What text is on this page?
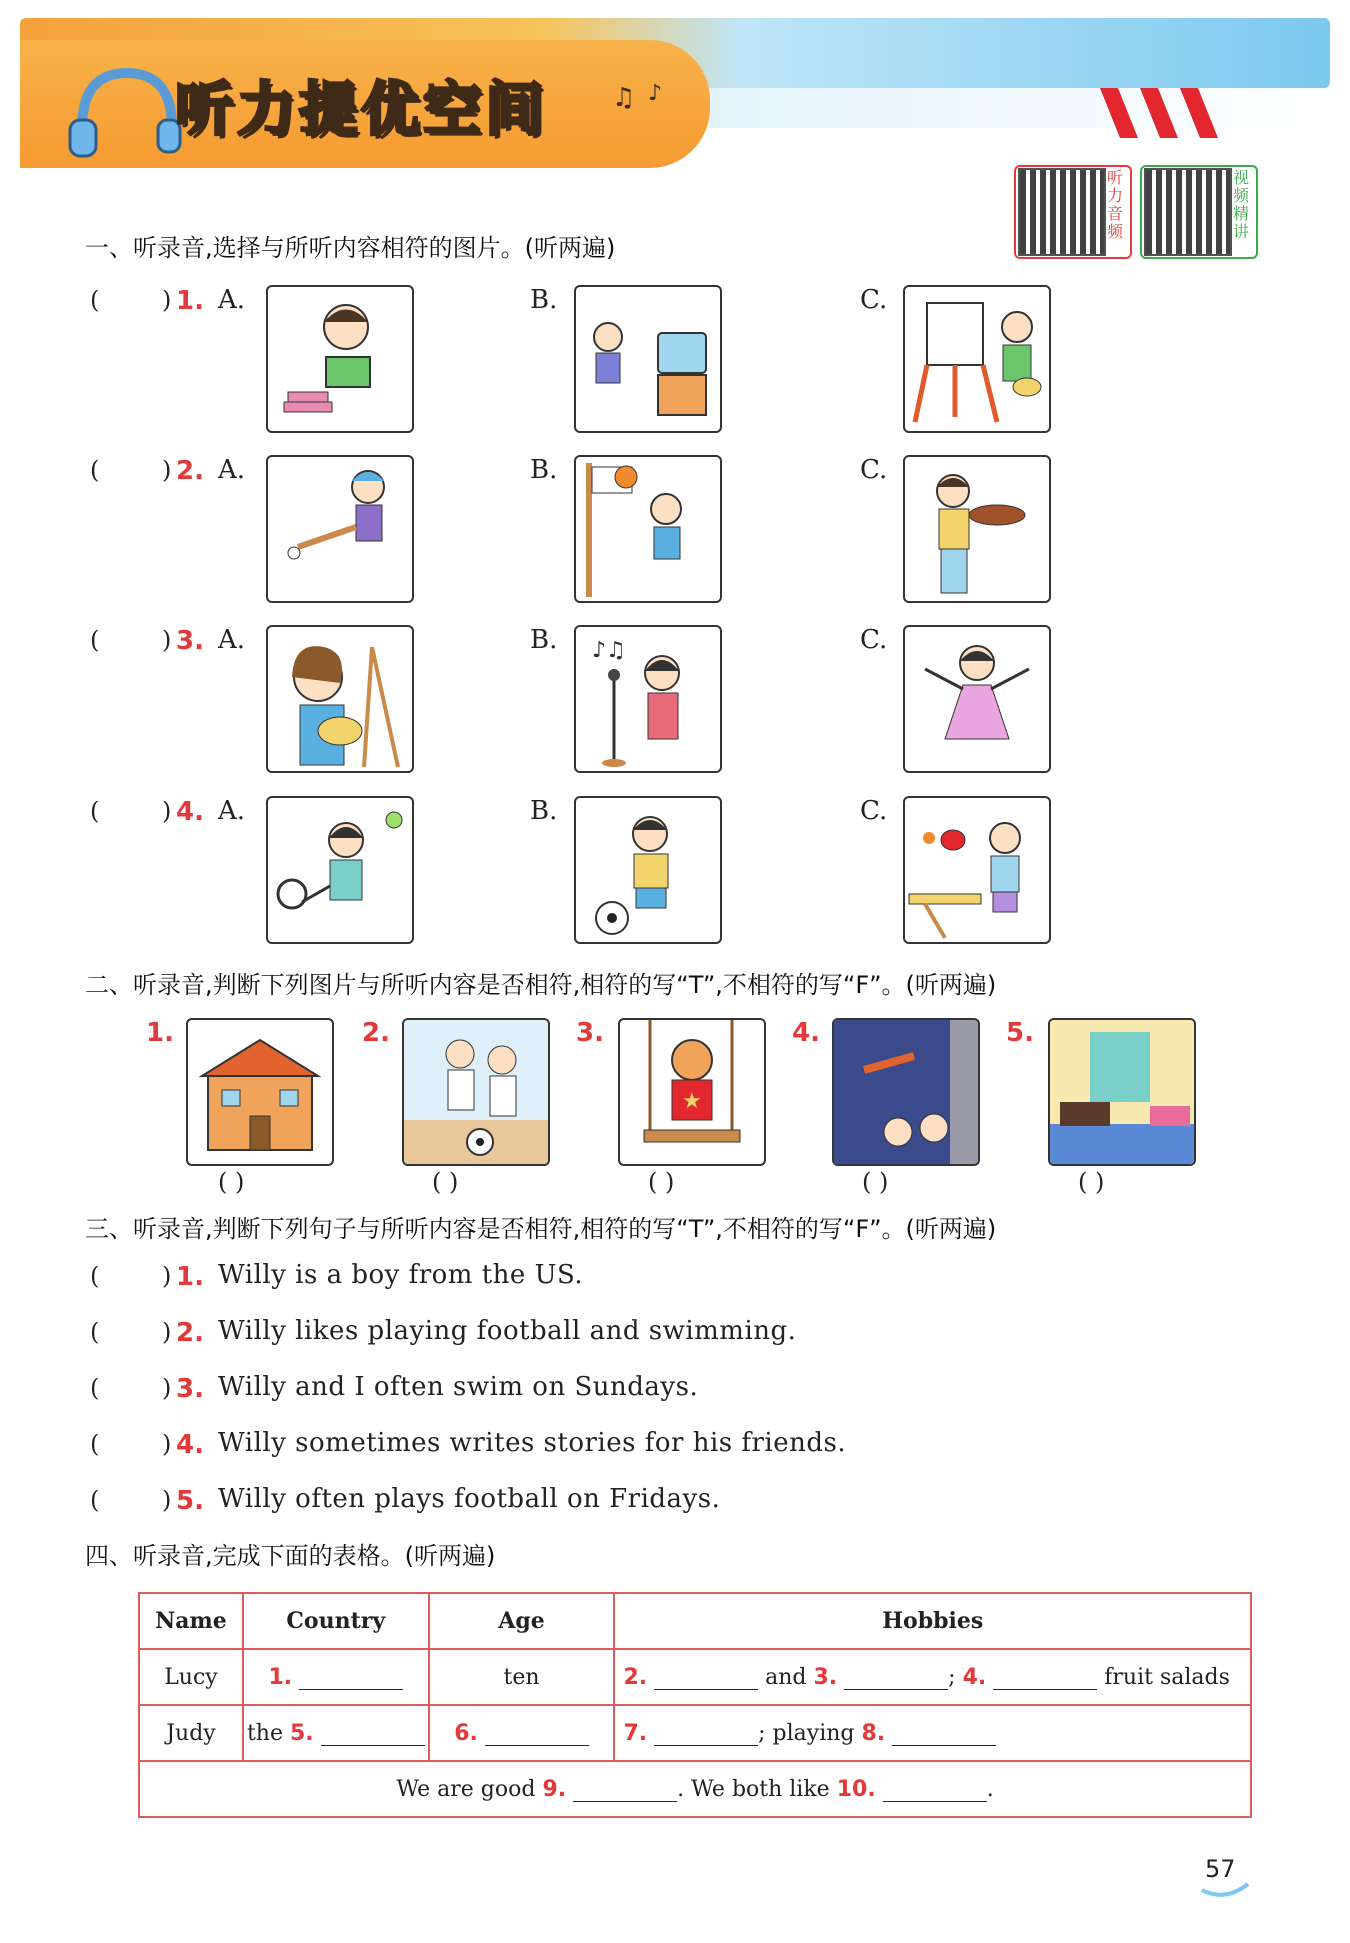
听力提优空间 ♫ ♪
听力音频
视频精讲
一、听录音,选择与所听内容相符的图片。(听两遍)
(	) 1. A.	B.	C.
(	) 2. A.	B.	C.
(	) 3. A.	B. ♪♫	C.
(	) 4. A.	B.	C.
二、听录音,判断下列图片与所听内容是否相符,相符的写“T”,不相符的写“F”。(听两遍)
1.
( )
2.
( )
3.
★
( )
4.
( )
5.
( )
三、听录音,判断下列句子与所听内容是否相符,相符的写“T”,不相符的写“F”。(听两遍)
(	) 1. Willy is a boy from the US.
(	) 2. Willy likes playing football and swimming.
(	) 3. Willy and I often swim on Sundays.
(	) 4. Willy sometimes writes stories for his friends.
(	) 5. Willy often plays football on Fridays.
四、听录音,完成下面的表格。(听两遍)
Name	Country	Age	Hobbies
Lucy	1.	ten	2. and 3. ; 4. fruit salads
Judy	the 5.	6.	7. ; playing 8.
We are good 9. . We both like 10. .			
57
